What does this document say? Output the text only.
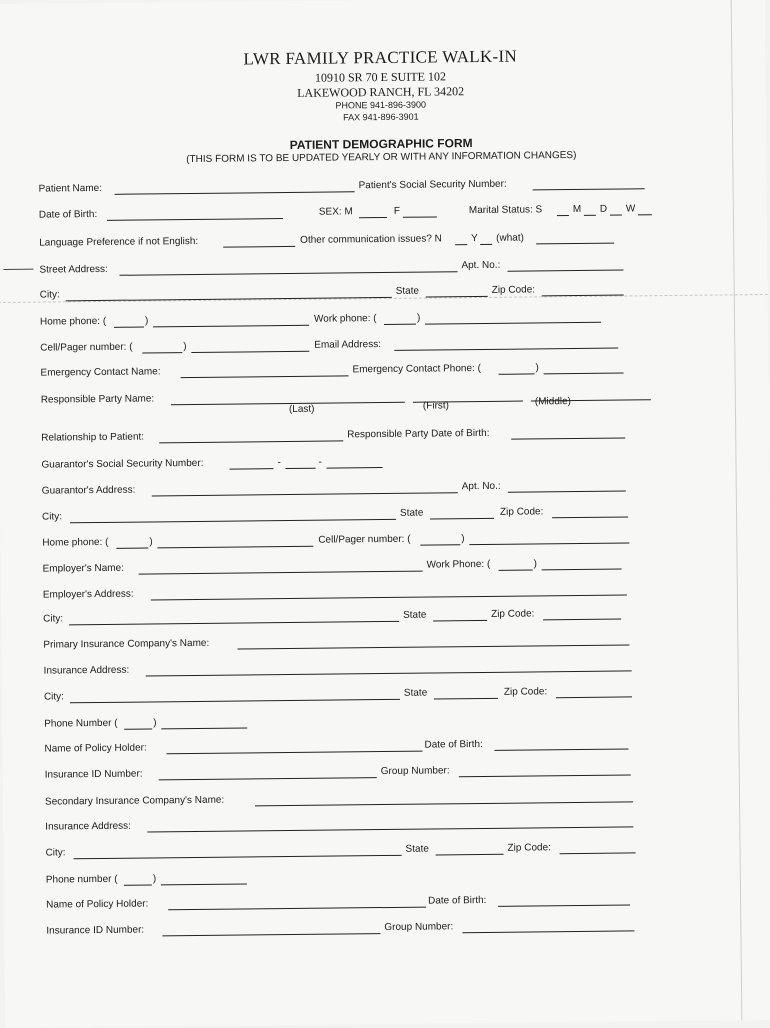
LWR FAMILY PRACTICE WALK-IN
10910 SR 70 E SUITE 102
LAKEWOOD RANCH, FL 34202
PHONE 941-896-3900
FAX 941-896-3901
PATIENT DEMOGRAPHIC FORM
(THIS FORM IS TO BE UPDATED YEARLY OR WITH ANY INFORMATION CHANGES)
Patient Name:	Patient's Social Security Number:
Date of Birth:	SEX: M	F	Marital Status: S	M D W
Language Preference if not English:	Other communication issues? N	Y (what)
Street Address:	Apt. No.:
City:	State	Zip Code:
Home phone: (	)	Work phone: (	)
Cell/Pager number: (	)	Email Address:
Emergency Contact Name:	Emergency Contact Phone: (	)
Responsible Party Name:
(Last)	(First)	(Middle)
Relationship to Patient:	Responsible Party Date of Birth:
Guarantor's Social Security Number:	-	-
Guarantor's Address:	Apt. No.:
City:	State	Zip Code:
Home phone: (	)	Cell/Pager number: (	)
Employer's Name:	Work Phone: (	)
Employer's Address:
City:	State	Zip Code:
Primary Insurance Company's Name:
Insurance Address:
City:	State	Zip Code:
Phone Number (	)
Name of Policy Holder:	Date of Birth:
Insurance ID Number:	Group Number:
Secondary Insurance Company's Name:
Insurance Address:
City:	State	Zip Code:
Phone number (	)
Name of Policy Holder:	Date of Birth:
Insurance ID Number:	Group Number:
